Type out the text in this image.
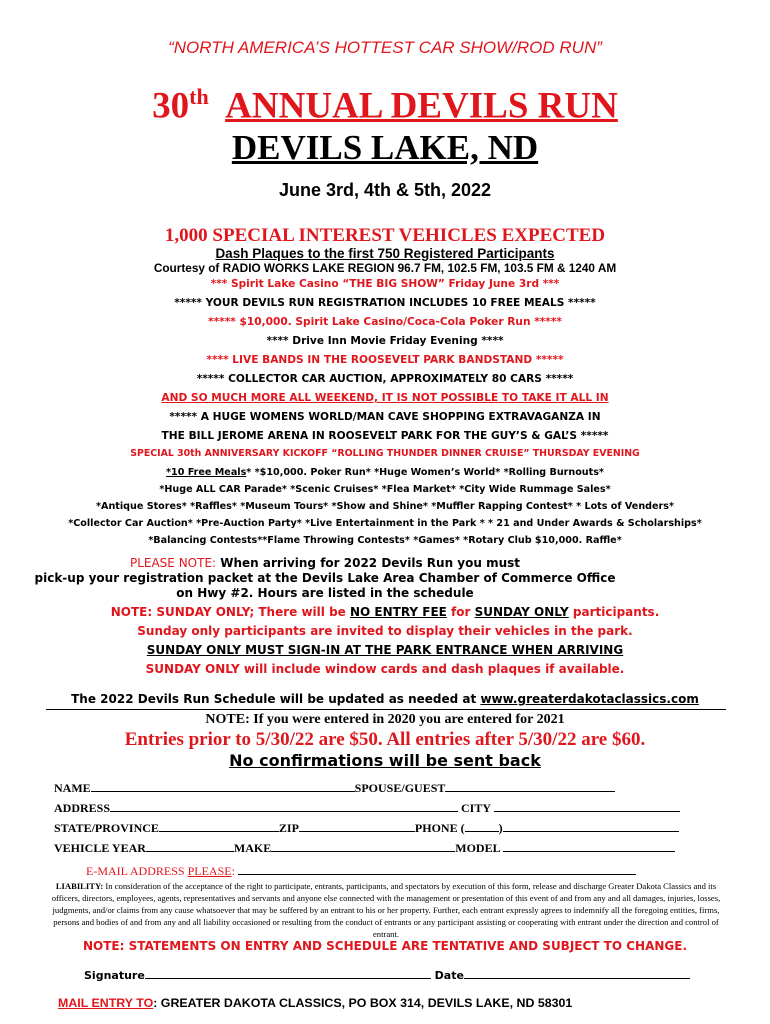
“NORTH AMERICA’S HOTTEST CAR SHOW/ROD RUN”
30th ANNUAL DEVILS RUN
DEVILS LAKE, ND
June 3rd, 4th & 5th, 2022
1,000 SPECIAL INTEREST VEHICLES EXPECTED
Dash Plaques to the first 750 Registered Participants
Courtesy of RADIO WORKS LAKE REGION 96.7 FM, 102.5 FM, 103.5 FM & 1240 AM
*** Spirit Lake Casino “THE BIG SHOW” Friday June 3rd ***
***** YOUR DEVILS RUN REGISTRATION INCLUDES 10 FREE MEALS *****
***** $10,000. Spirit Lake Casino/Coca-Cola Poker Run *****
**** Drive Inn Movie Friday Evening ****
**** LIVE BANDS IN THE ROOSEVELT PARK BANDSTAND *****
***** COLLECTOR CAR AUCTION, APPROXIMATELY 80 CARS *****
AND SO MUCH MORE ALL WEEKEND, IT IS NOT POSSIBLE TO TAKE IT ALL IN
***** A HUGE WOMENS WORLD/MAN CAVE SHOPPING EXTRAVAGANZA IN
THE BILL JEROME ARENA IN ROOSEVELT PARK FOR THE GUY’S & GAL’S *****
SPECIAL 30th ANNIVERSARY KICKOFF “ROLLING THUNDER DINNER CRUISE” THURSDAY EVENING
*10 Free Meals* *$10,000. Poker Run* *Huge Women’s World* *Rolling Burnouts*
*Huge ALL CAR Parade* *Scenic Cruises* *Flea Market* *City Wide Rummage Sales*
*Antique Stores* *Raffles* *Museum Tours* *Show and Shine* *Muffler Rapping Contest* * Lots of Venders*
*Collector Car Auction* *Pre-Auction Party* *Live Entertainment in the Park * * 21 and Under Awards & Scholarships*
*Balancing Contests**Flame Throwing Contests* *Games* *Rotary Club $10,000. Raffle*
PLEASE NOTE: When arriving for 2022 Devils Run you must
pick-up your registration packet at the Devils Lake Area Chamber of Commerce Office
on Hwy #2. Hours are listed in the schedule
NOTE: SUNDAY ONLY; There will be NO ENTRY FEE for SUNDAY ONLY participants.
Sunday only participants are invited to display their vehicles in the park.
SUNDAY ONLY MUST SIGN-IN AT THE PARK ENTRANCE WHEN ARRIVING
SUNDAY ONLY will include window cards and dash plaques if available.
The 2022 Devils Run Schedule will be updated as needed at www.greaterdakotaclassics.com
NOTE: If you were entered in 2020 you are entered for 2021
Entries prior to 5/30/22 are $50. All entries after 5/30/22 are $60.
No confirmations will be sent back
NAME	SPOUSE/GUEST
ADDRESS	CITY
STATE/PROVINCE	ZIP	PHONE (	)
VEHICLE YEAR	MAKE	MODEL
E-MAIL ADDRESS PLEASE:
LIABILITY: In consideration of the acceptance of the right to participate, entrants, participants, and spectators by execution of this form, release and discharge Greater Dakota Classics and its officers, directors, employees, agents, representatives and servants and anyone else connected with the management or presentation of this event of and from any and all damages, injuries, losses, judgments, and/or claims from any cause whatsoever that may be suffered by an entrant to his or her property. Further, each entrant expressly agrees to indemnify all the foregoing entities, firms, persons and bodies of and from any and all liability occasioned or resulting from the conduct of entrants or any participant assisting or cooperating with entrant under the direction and control of entrant.
NOTE: STATEMENTS ON ENTRY AND SCHEDULE ARE TENTATIVE AND SUBJECT TO CHANGE.
Signature	Date
MAIL ENTRY TO: GREATER DAKOTA CLASSICS, PO BOX 314, DEVILS LAKE, ND 58301
